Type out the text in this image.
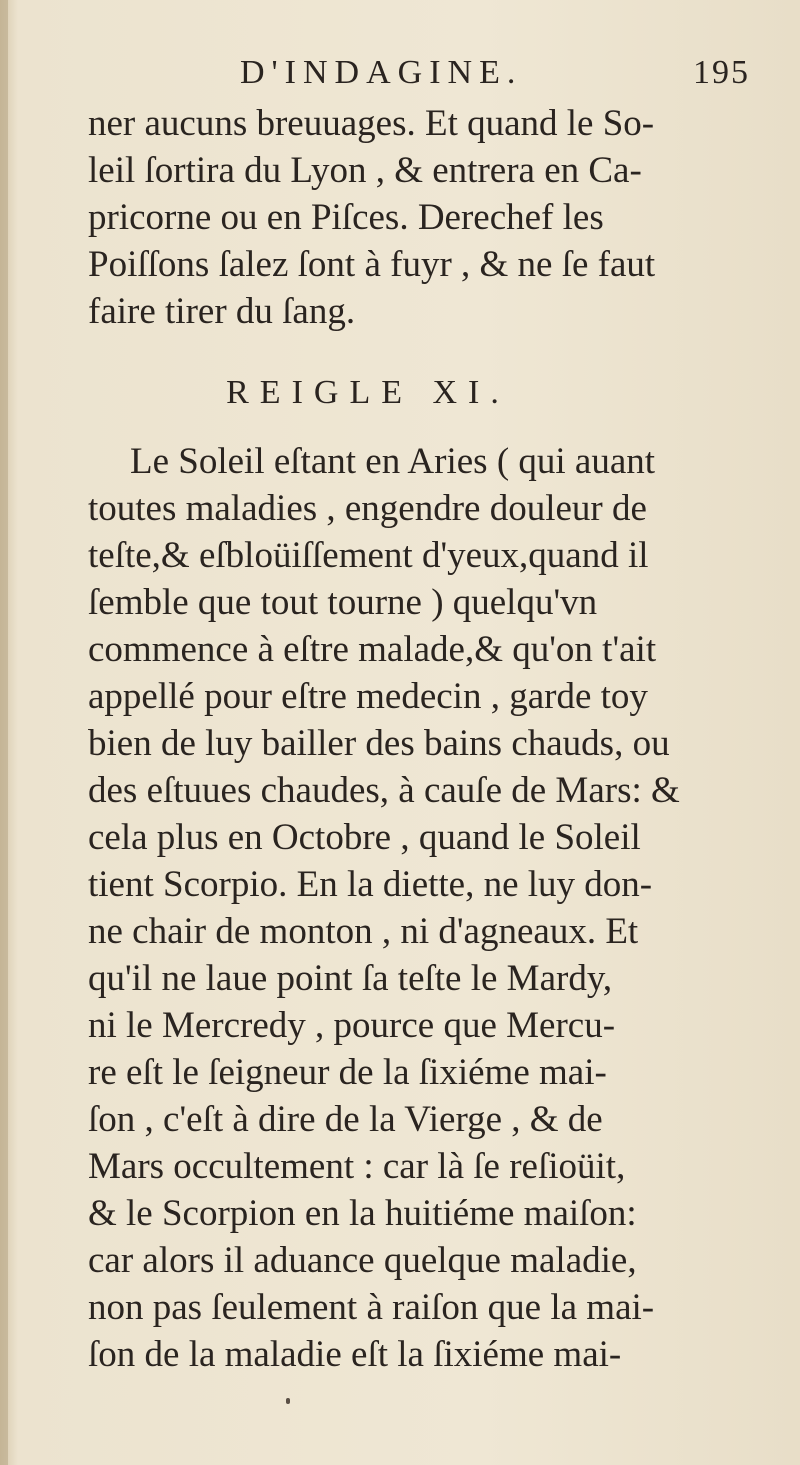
D'INDAGINE.	195
ner aucuns breuuages. Et quand le So-
leil ſortira du Lyon , & entrera en Ca-
pricorne ou en Piſces. Derechef les
Poiſſons ſalez ſont à fuyr , & ne ſe faut
faire tirer du ſang.
REIGLE XI.
Le Soleil eſtant en Aries ( qui auant
toutes maladies , engendre douleur de
teſte,& eſbloüiſſement d'yeux,quand il
ſemble que tout tourne ) quelqu'vn
commence à eſtre malade,& qu'on t'ait
appellé pour eſtre medecin , garde toy
bien de luy bailler des bains chauds, ou
des eſtuues chaudes, à cauſe de Mars: &
cela plus en Octobre , quand le Soleil
tient Scorpio. En la diette, ne luy don-
ne chair de monton , ni d'agneaux. Et
qu'il ne laue point ſa teſte le Mardy,
ni le Mercredy , pource que Mercu-
re eſt le ſeigneur de la ſixiéme mai-
ſon , c'eſt à dire de la Vierge , & de
Mars occultement : car là ſe reſioüit,
& le Scorpion en la huitiéme maiſon:
car alors il aduance quelque maladie,
non pas ſeulement à raiſon que la mai-
ſon de la maladie eſt la ſixiéme mai-
